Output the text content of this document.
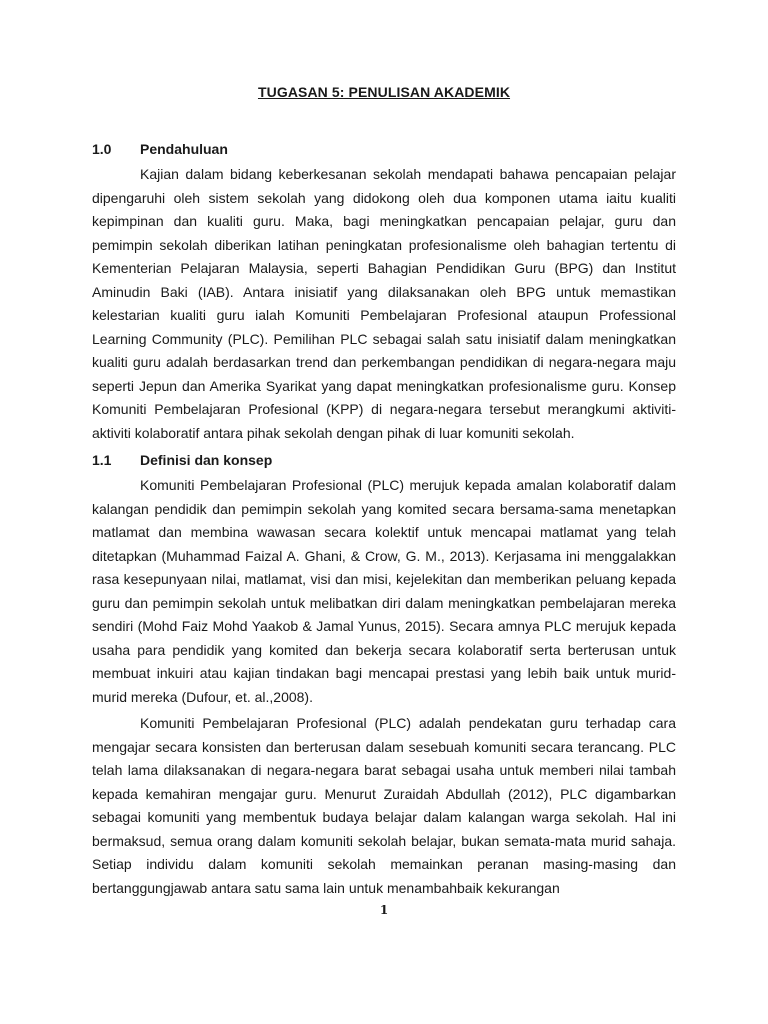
TUGASAN 5: PENULISAN AKADEMIK
1.0 Pendahuluan

Kajian dalam bidang keberkesanan sekolah mendapati bahawa pencapaian pelajar dipengaruhi oleh sistem sekolah yang didokong oleh dua komponen utama iaitu kualiti kepimpinan dan kualiti guru. Maka, bagi meningkatkan pencapaian pelajar, guru dan pemimpin sekolah diberikan latihan peningkatan profesionalisme oleh bahagian tertentu di Kementerian Pelajaran Malaysia, seperti Bahagian Pendidikan Guru (BPG) dan Institut Aminudin Baki (IAB). Antara inisiatif yang dilaksanakan oleh BPG untuk memastikan kelestarian kualiti guru ialah Komuniti Pembelajaran Profesional ataupun Professional Learning Community (PLC). Pemilihan PLC sebagai salah satu inisiatif dalam meningkatkan kualiti guru adalah berdasarkan trend dan perkembangan pendidikan di negara-negara maju seperti Jepun dan Amerika Syarikat yang dapat meningkatkan profesionalisme guru. Konsep Komuniti Pembelajaran Profesional (KPP) di negara-negara tersebut merangkumi aktiviti-aktiviti kolaboratif antara pihak sekolah dengan pihak di luar komuniti sekolah.

1.1 Definisi dan konsep

Komuniti Pembelajaran Profesional (PLC) merujuk kepada amalan kolaboratif dalam kalangan pendidik dan pemimpin sekolah yang komited secara bersama-sama menetapkan matlamat dan membina wawasan secara kolektif untuk mencapai matlamat yang telah ditetapkan (Muhammad Faizal A. Ghani, & Crow, G. M., 2013). Kerjasama ini menggalakkan rasa kesepunyaan nilai, matlamat, visi dan misi, kejelekitan dan memberikan peluang kepada guru dan pemimpin sekolah untuk melibatkan diri dalam meningkatkan pembelajaran mereka sendiri (Mohd Faiz Mohd Yaakob & Jamal Yunus, 2015). Secara amnya PLC merujuk kepada usaha para pendidik yang komited dan bekerja secara kolaboratif serta berterusan untuk membuat inkuiri atau kajian tindakan bagi mencapai prestasi yang lebih baik untuk murid-murid mereka (Dufour, et. al.,2008).

Komuniti Pembelajaran Profesional (PLC) adalah pendekatan guru terhadap cara mengajar secara konsisten dan berterusan dalam sesebuah komuniti secara terancang. PLC telah lama dilaksanakan di negara-negara barat sebagai usaha untuk memberi nilai tambah kepada kemahiran mengajar guru. Menurut Zuraidah Abdullah (2012), PLC digambarkan sebagai komuniti yang membentuk budaya belajar dalam kalangan warga sekolah. Hal ini bermaksud, semua orang dalam komuniti sekolah belajar, bukan semata-mata murid sahaja. Setiap individu dalam komuniti sekolah memainkan peranan masing-masing dan bertanggungjawab antara satu sama lain untuk menambahbaik kekurangan

1
